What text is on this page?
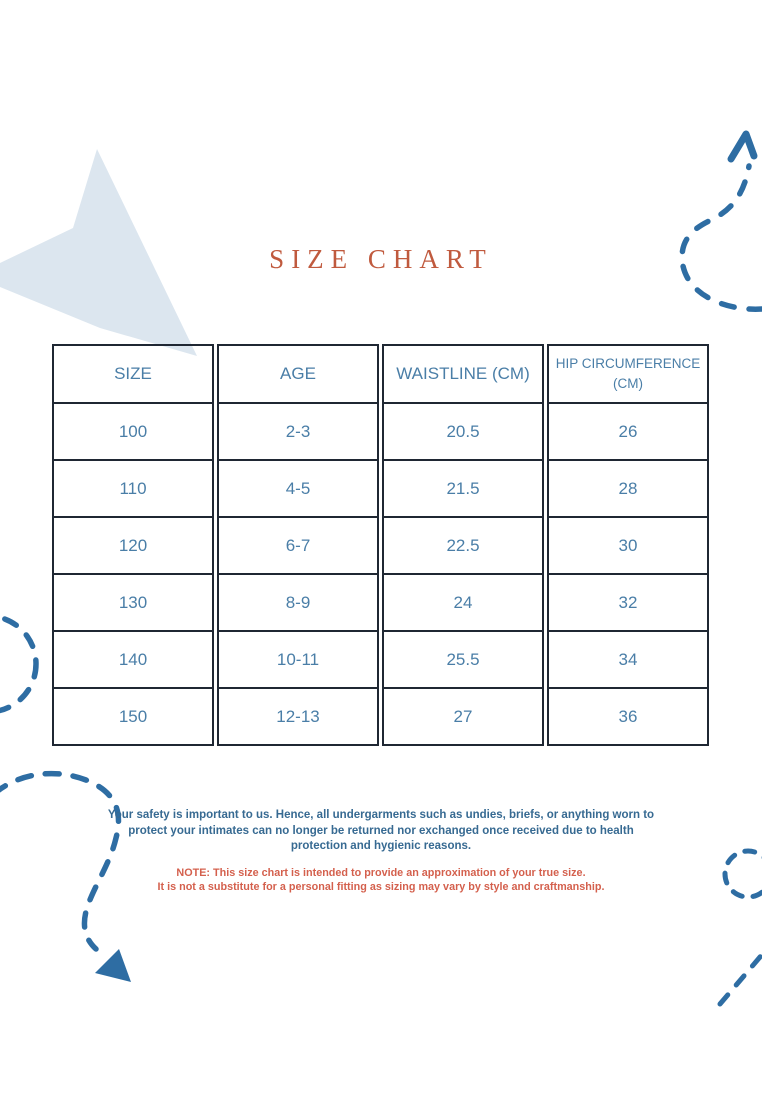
SIZE CHART
SIZE
100
110
120
130
140
150
AGE
2-3
4-5
6-7
8-9
10-11
12-13
WAISTLINE (CM)
20.5
21.5
22.5
24
25.5
27
HIP CIRCUMFERENCE (CM)
26
28
30
32
34
36
Your safety is important to us. Hence, all undergarments such as undies, briefs, or anything worn to protect your intimates can no longer be returned nor exchanged once received due to health protection and hygienic reasons.
NOTE: This size chart is intended to provide an approximation of your true size.
It is not a substitute for a personal fitting as sizing may vary by style and craftmanship.
